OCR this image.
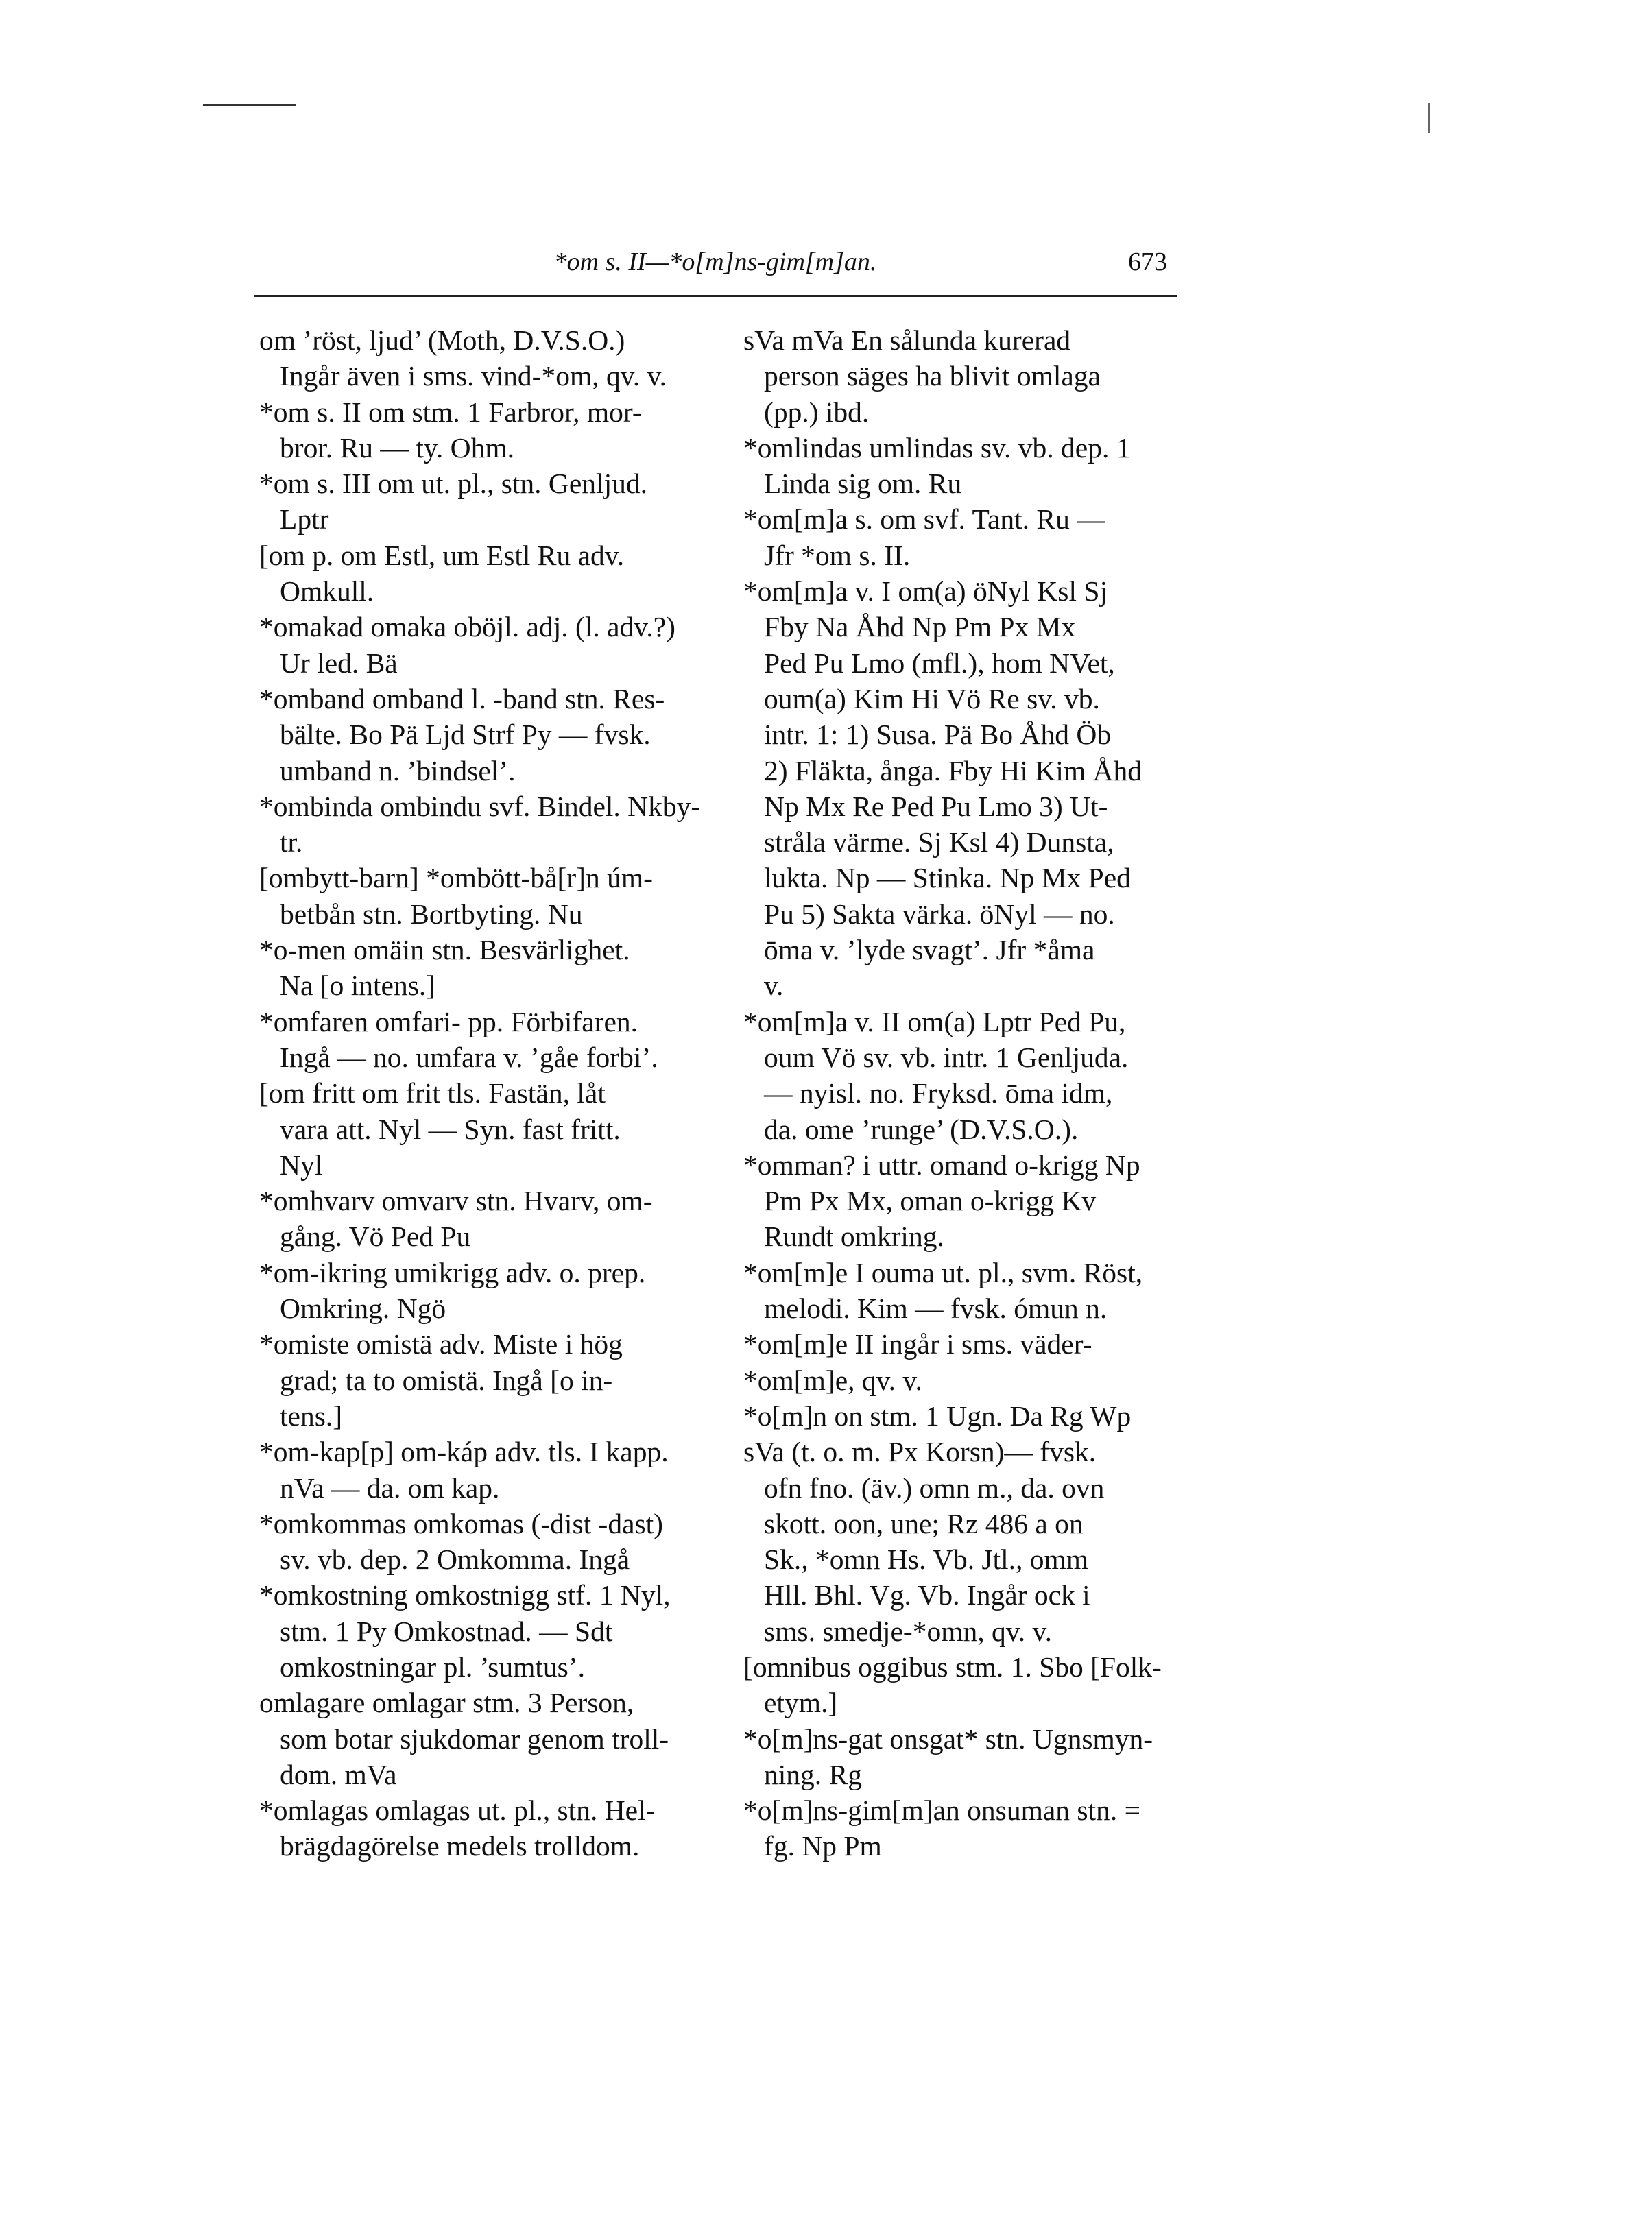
*om s. II—*o[m]ns-gim[m]an.	673
om ’röst, ljud’ (Moth, D.V.S.O.)
Ingår även i sms. vind-*om, qv. v.
*om s. II om stm. 1 Farbror, mor-
bror. Ru — ty. Ohm.
*om s. III om ut. pl., stn. Genljud.
Lptr
[om p. om Estl, um Estl Ru adv.
Omkull.
*omakad omaka oböjl. adj. (l. adv.?)
Ur led. Bä
*omband omband l. -band stn. Res-
bälte. Bo Pä Ljd Strf Py — fvsk.
umband n. ’bindsel’.
*ombinda ombindu svf. Bindel. Nkby-
tr.
[ombytt-barn] *ombött-bå[r]n úm-
betbån stn. Bortbyting. Nu
*o-men omäin stn. Besvärlighet.
Na [o intens.]
*omfaren omfari- pp. Förbifaren.
Ingå — no. umfara v. ’gåe forbi’.
[om fritt om frit tls. Fastän, låt
vara att. Nyl — Syn. fast fritt.
Nyl
*omhvarv omvarv stn. Hvarv, om-
gång. Vö Ped Pu
*om-ikring umikrigg adv. o. prep.
Omkring. Ngö
*omiste omistä adv. Miste i hög
grad; ta to omistä. Ingå [o in-
tens.]
*om-kap[p] om-káp adv. tls. I kapp.
nVa — da. om kap.
*omkommas omkomas (-dist -dast)
sv. vb. dep. 2 Omkomma. Ingå
*omkostning omkostnigg stf. 1 Nyl,
stm. 1 Py Omkostnad. — Sdt
omkostningar pl. ’sumtus’.
omlagare omlagar stm. 3 Person,
som botar sjukdomar genom troll-
dom. mVa
*omlagas omlagas ut. pl., stn. Hel-
brägdagörelse medels trolldom.
sVa mVa En sålunda kurerad
person säges ha blivit omlaga
(pp.) ibd.
*omlindas umlindas sv. vb. dep. 1
Linda sig om. Ru
*om[m]a s. om svf. Tant. Ru —
Jfr *om s. II.
*om[m]a v. I om(a) öNyl Ksl Sj
Fby Na Åhd Np Pm Px Mx
Ped Pu Lmo (mfl.), hom NVet,
oum(a) Kim Hi Vö Re sv. vb.
intr. 1: 1) Susa. Pä Bo Åhd Öb
2) Fläkta, ånga. Fby Hi Kim Åhd
Np Mx Re Ped Pu Lmo 3) Ut-
stråla värme. Sj Ksl 4) Dunsta,
lukta. Np — Stinka. Np Mx Ped
Pu 5) Sakta värka. öNyl — no.
ōma v. ’lyde svagt’. Jfr *åma
v.
*om[m]a v. II om(a) Lptr Ped Pu,
oum Vö sv. vb. intr. 1 Genljuda.
— nyisl. no. Fryksd. ōma idm,
da. ome ’runge’ (D.V.S.O.).
*omman? i uttr. omand o-krigg Np
Pm Px Mx, oman o-krigg Kv
Rundt omkring.
*om[m]e I ouma ut. pl., svm. Röst,
melodi. Kim — fvsk. ómun n.
*om[m]e II ingår i sms. väder-
*om[m]e, qv. v.
*o[m]n on stm. 1 Ugn. Da Rg Wp
sVa (t. o. m. Px Korsn)— fvsk.
ofn fno. (äv.) omn m., da. ovn
skott. oon, une; Rz 486 a on
Sk., *omn Hs. Vb. Jtl., omm
Hll. Bhl. Vg. Vb. Ingår ock i
sms. smedje-*omn, qv. v.
[omnibus oggibus stm. 1. Sbo [Folk-
etym.]
*o[m]ns-gat onsgat* stn. Ugnsmyn-
ning. Rg
*o[m]ns-gim[m]an onsuman stn. =
fg. Np Pm
